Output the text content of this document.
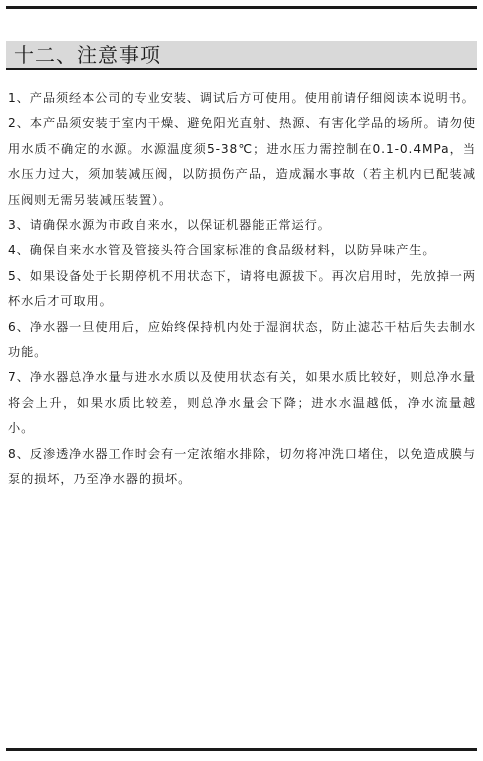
十二、注意事项
1、产品须经本公司的专业安装、调试后方可使用。使用前请仔细阅读本说明书。
2、本产品须安装于室内干燥、避免阳光直射、热源、有害化学品的场所。请勿使用水质不确定的水源。水源温度须5-38℃；进水压力需控制在0.1-0.4MPa，当水压力过大，须加装减压阀，以防损伤产品，造成漏水事故（若主机内已配装减压阀则无需另装减压装置）。
3、请确保水源为市政自来水，以保证机器能正常运行。
4、确保自来水水管及管接头符合国家标准的食品级材料，以防异味产生。
5、如果设备处于长期停机不用状态下，请将电源拔下。再次启用时，先放掉一两杯水后才可取用。
6、净水器一旦使用后，应始终保持机内处于湿润状态，防止滤芯干枯后失去制水功能。
7、净水器总净水量与进水水质以及使用状态有关，如果水质比较好，则总净水量将会上升，如果水质比较差，则总净水量会下降；进水水温越低，净水流量越小。
8、反渗透净水器工作时会有一定浓缩水排除，切勿将冲洗口堵住，以免造成膜与泵的损坏，乃至净水器的损坏。
